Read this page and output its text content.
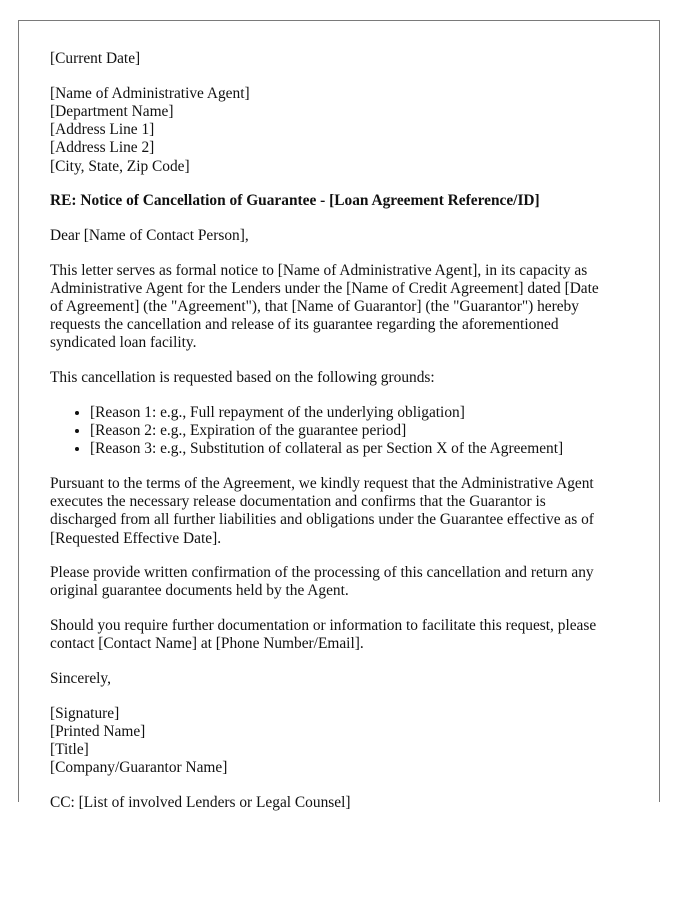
[Current Date]

[Name of Administrative Agent]
[Department Name]
[Address Line 1]
[Address Line 2]
[City, State, Zip Code]

RE: Notice of Cancellation of Guarantee - [Loan Agreement Reference/ID]

Dear [Name of Contact Person],

This letter serves as formal notice to [Name of Administrative Agent], in its capacity as
Administrative Agent for the Lenders under the [Name of Credit Agreement] dated [Date
of Agreement] (the "Agreement"), that [Name of Guarantor] (the "Guarantor") hereby
requests the cancellation and release of its guarantee regarding the aforementioned
syndicated loan facility.

This cancellation is requested based on the following grounds:

• [Reason 1: e.g., Full repayment of the underlying obligation]
• [Reason 2: e.g., Expiration of the guarantee period]
• [Reason 3: e.g., Substitution of collateral as per Section X of the Agreement]

Pursuant to the terms of the Agreement, we kindly request that the Administrative Agent
executes the necessary release documentation and confirms that the Guarantor is
discharged from all further liabilities and obligations under the Guarantee effective as of
[Requested Effective Date].

Please provide written confirmation of the processing of this cancellation and return any
original guarantee documents held by the Agent.

Should you require further documentation or information to facilitate this request, please
contact [Contact Name] at [Phone Number/Email].

Sincerely,

[Signature]
[Printed Name]
[Title]
[Company/Guarantor Name]

CC: [List of involved Lenders or Legal Counsel]
